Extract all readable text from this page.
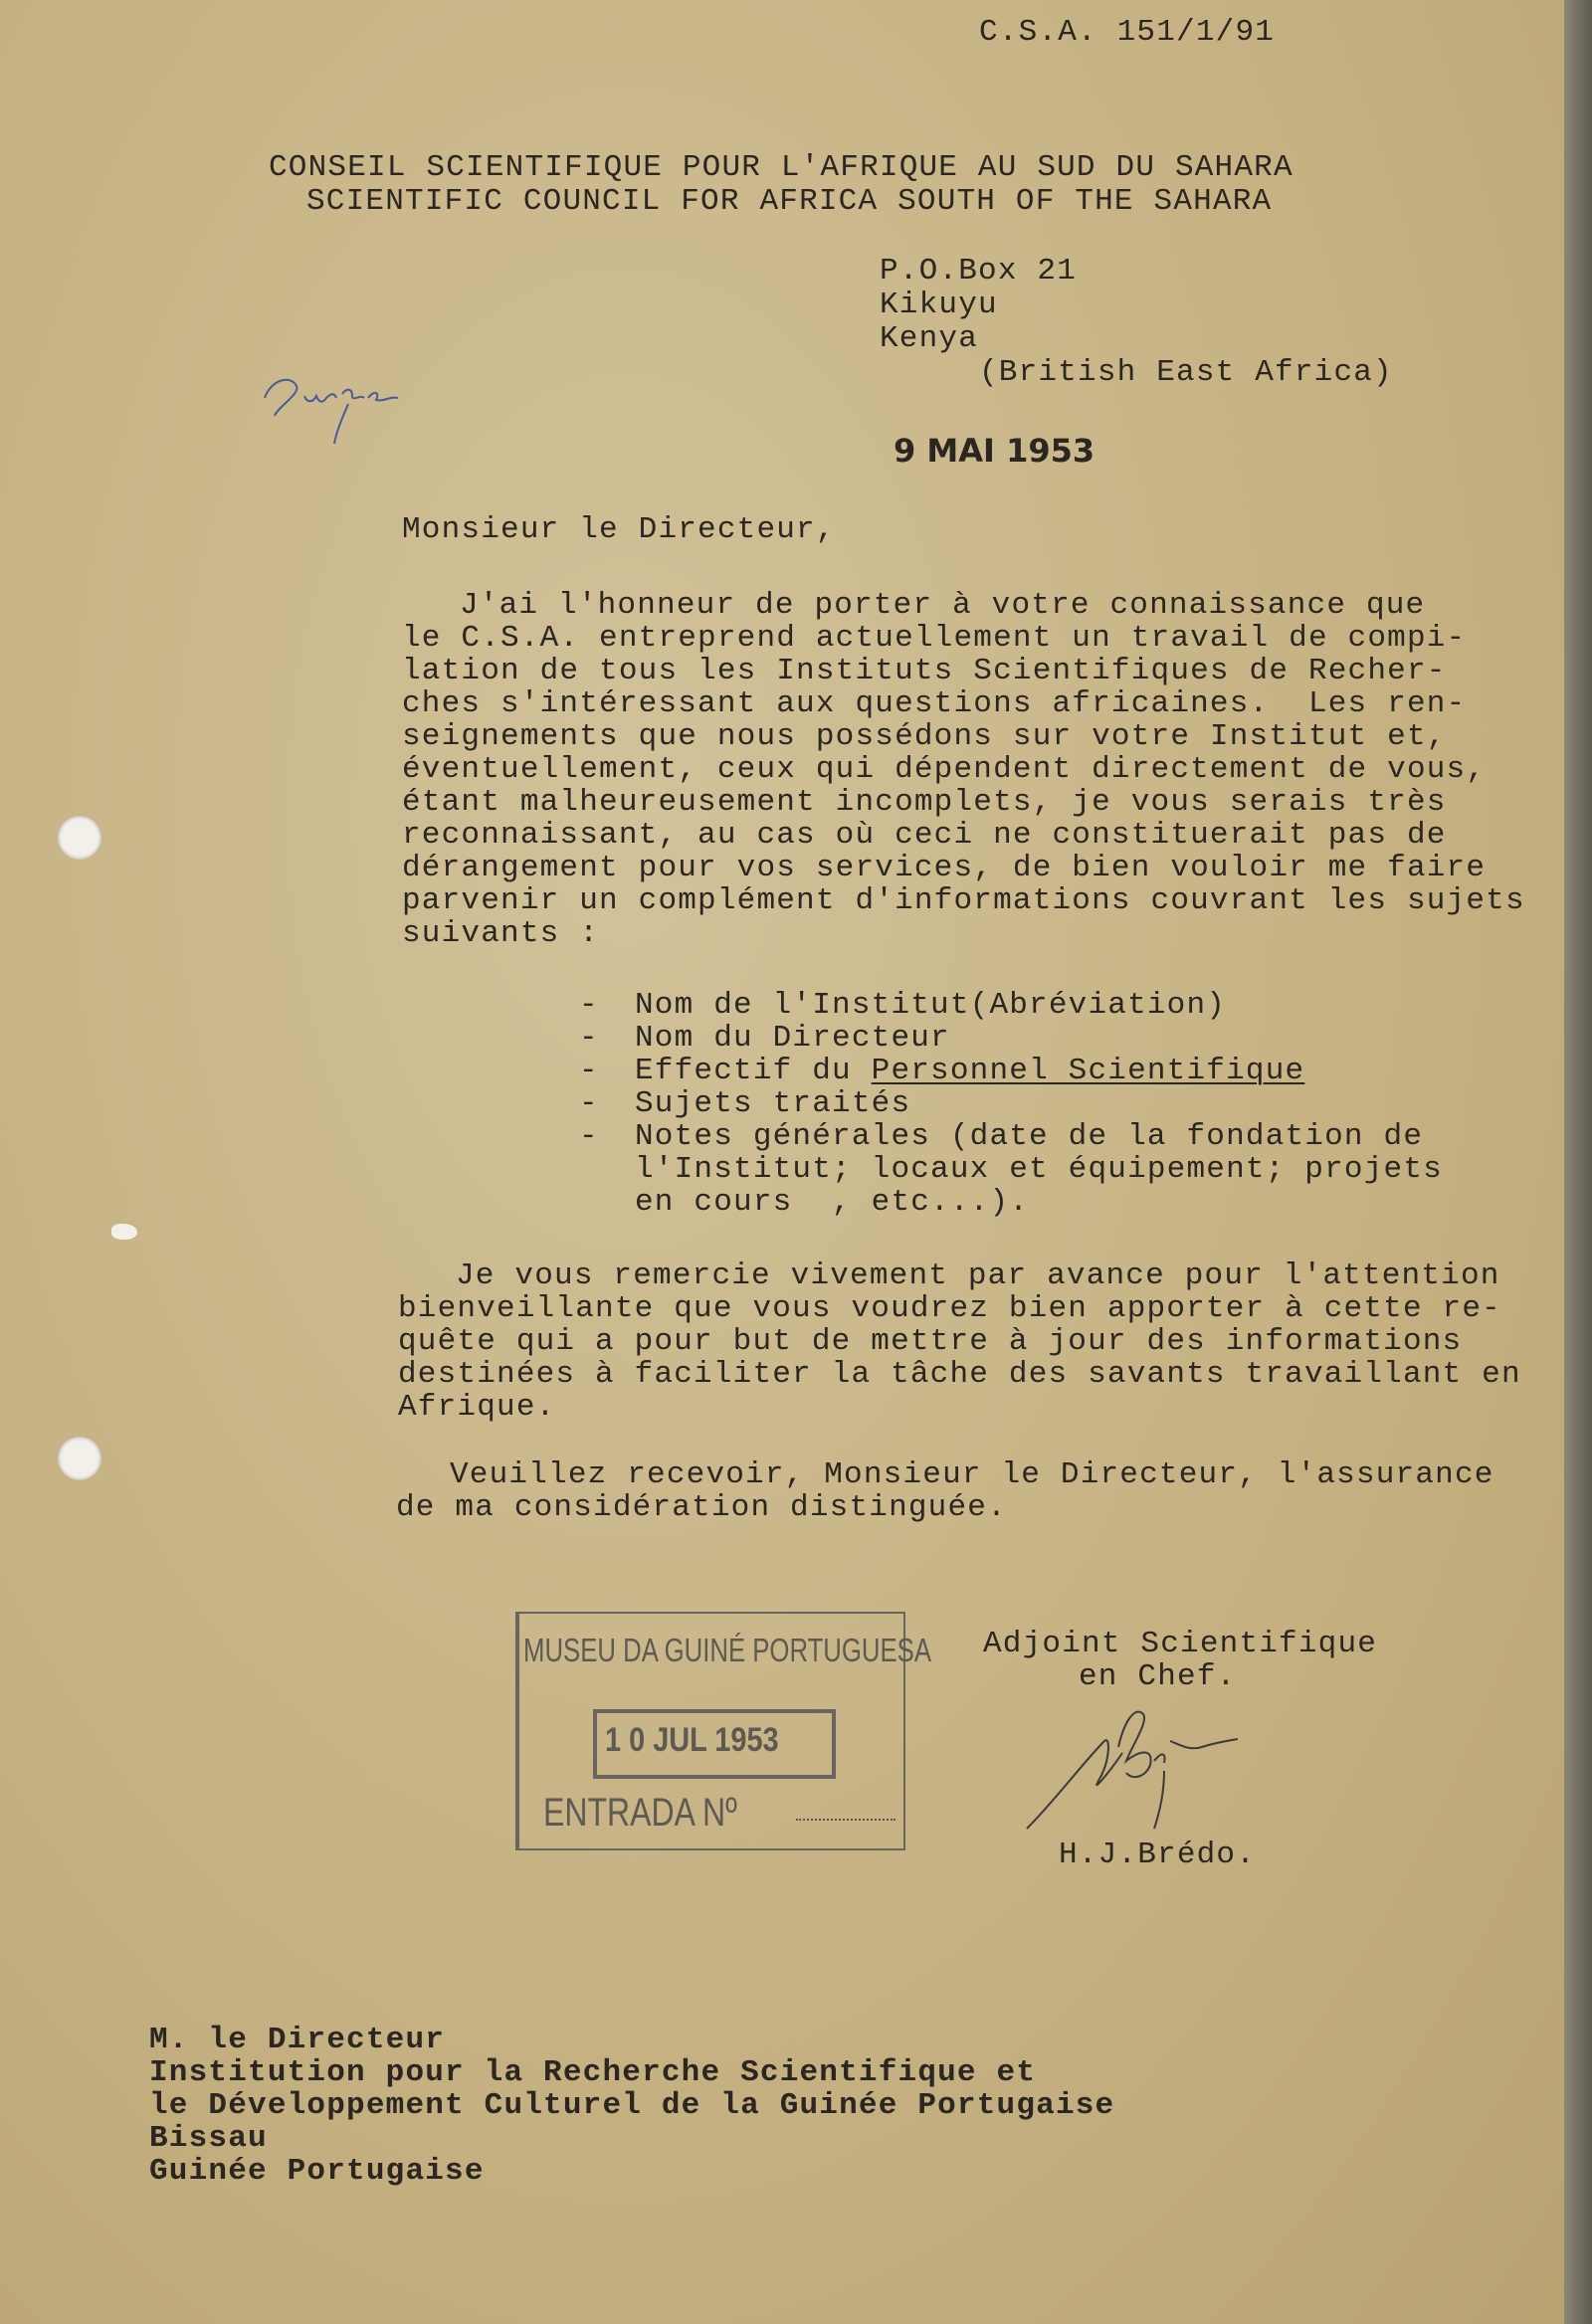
C.S.A. 151/1/91
CONSEIL SCIENTIFIQUE POUR L'AFRIQUE AU SUD DU SAHARA
SCIENTIFIC COUNCIL FOR AFRICA SOUTH OF THE SAHARA
P.O.Box 21
Kikuyu
Kenya
(British East Africa)
9 MAI 1953
Monsieur le Directeur,
J'ai l'honneur de porter à votre connaissance que
le C.S.A. entreprend actuellement un travail de compi-
lation de tous les Instituts Scientifiques de Recher-
ches s'intéressant aux questions africaines.  Les ren-
seignements que nous possédons sur votre Institut et,
éventuellement, ceux qui dépendent directement de vous,
étant malheureusement incomplets, je vous serais très
reconnaissant, au cas où ceci ne constituerait pas de
dérangement pour vos services, de bien vouloir me faire
parvenir un complément d'informations couvrant les sujets
suivants :
- Nom de l'Institut(Abréviation)
- Nom du Directeur
- Effectif du Personnel Scientifique
- Sujets traités
- Notes générales (date de la fondation de
l'Institut; locaux et équipement; projets
en cours  , etc...).
Je vous remercie vivement par avance pour l'attention
bienveillante que vous voudrez bien apporter à cette re-
quête qui a pour but de mettre à jour des informations
destinées à faciliter la tâche des savants travaillant en
Afrique.
Veuillez recevoir, Monsieur le Directeur, l'assurance
de ma considération distinguée.
MUSEU DA GUINÉ PORTUGUESA
1 0 JUL 1953
ENTRADA Nº
Adjoint Scientifique
en Chef.
H.J.Brédo.
M. le Directeur
Institution pour la Recherche Scientifique et
le Développement Culturel de la Guinée Portugaise
Bissau
Guinée Portugaise
